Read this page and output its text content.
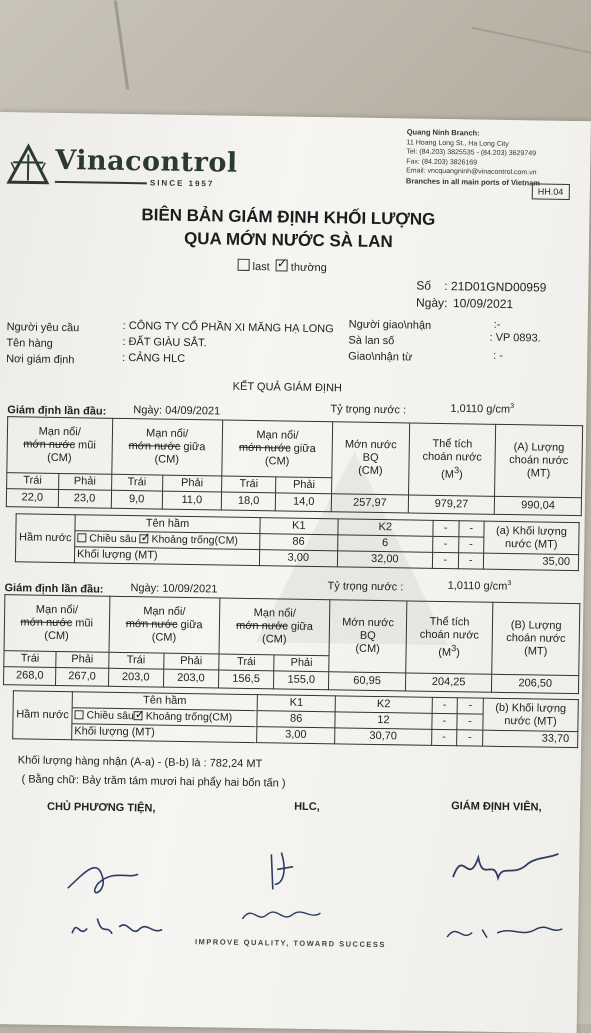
Vinacontrol
SINCE 1957
Quang Ninh Branch:
11 Hoang Long St., Ha Long City
Tel: (84.203) 3825535 - (84.203) 3629749
Fax: (84.203) 3826169
Email: vncquangninh@vinacontrol.com.vn
Branches in all main ports of Vietnam
HH.04
BIÊN BẢN GIÁM ĐỊNH KHỐI LƯỢNG
QUA MỚN NƯỚC SÀ LAN
last ✓ thường
Số : 21D01GND00959
Ngày: 10/09/2021
Người yêu cầu	: CÔNG TY CỔ PHẦN XI MĂNG HẠ LONG
Tên hàng	: ĐẤT GIÀU SẮT.
Nơi giám định	: CẢNG HLC
Người giao\nhận	:-
Sà lan số	: VP 0893.
Giao\nhận từ	: -
KẾT QUẢ GIÁM ĐỊNH
Giám định lần đầu: Ngày: 04/09/2021	Tỷ trọng nước :	1,0110 $g/cm^3$
Mạn nổi/
mớn nước mũi
(CM)		Mạn nổi/
mớn nước giữa
(CM)		Mạn nổi/
mớn nước giữa
(CM)		Mớn nước
BQ
(CM)	Thể tích
choán nước
$(M^3)$	(A) Lượng
choán nước
(MT)
Trái	Phải	Trái	Phải	Trái	Phải			
22,0	23,0	9,0	11,0	18,0	14,0	257,97	979,27	990,04
Hầm nước	Tên hầm	K1	K2	-	-	(a) Khối lượng nước (MT)
	Chiều sâu ✓ Khoảng trống(CM)	86	6	-	-	
	Khối lượng (MT)	3,00	32,00	-	-	35,00
Giám định lần đầu: Ngày: 10/09/2021	Tỷ trọng nước :	1,0110 $g/cm^3$
Mạn nổi/
mớn nước mũi
(CM)		Mạn nổi/
mớn nước giữa
(CM)		Mạn nổi/
mớn nước giữa
(CM)		Mớn nước
BQ
(CM)	Thể tích
choán nước
$(M^3)$	(B) Lượng
choán nước
(MT)
Trái	Phải	Trái	Phải	Trái	Phải			
268,0	267,0	203,0	203,0	156,5	155,0	60,95	204,25	206,50
Hầm nước	Tên hầm	K1	K2	-	-	(b) Khối lượng nước (MT)
	Chiều sâu ✓ Khoảng trống(CM)	86	12	-	-	
	Khối lượng (MT)	3,00	30,70	-	-	33,70
Khối lượng hàng nhận (A-a) - (B-b) là : 782,24 MT
( Bằng chữ: Bảy trăm tám mươi hai phẩy hai bốn tấn )
CHỦ PHƯƠNG TIỆN,	HLC,	GIÁM ĐỊNH VIÊN,
IMPROVE QUALITY, TOWARD SUCCESS
